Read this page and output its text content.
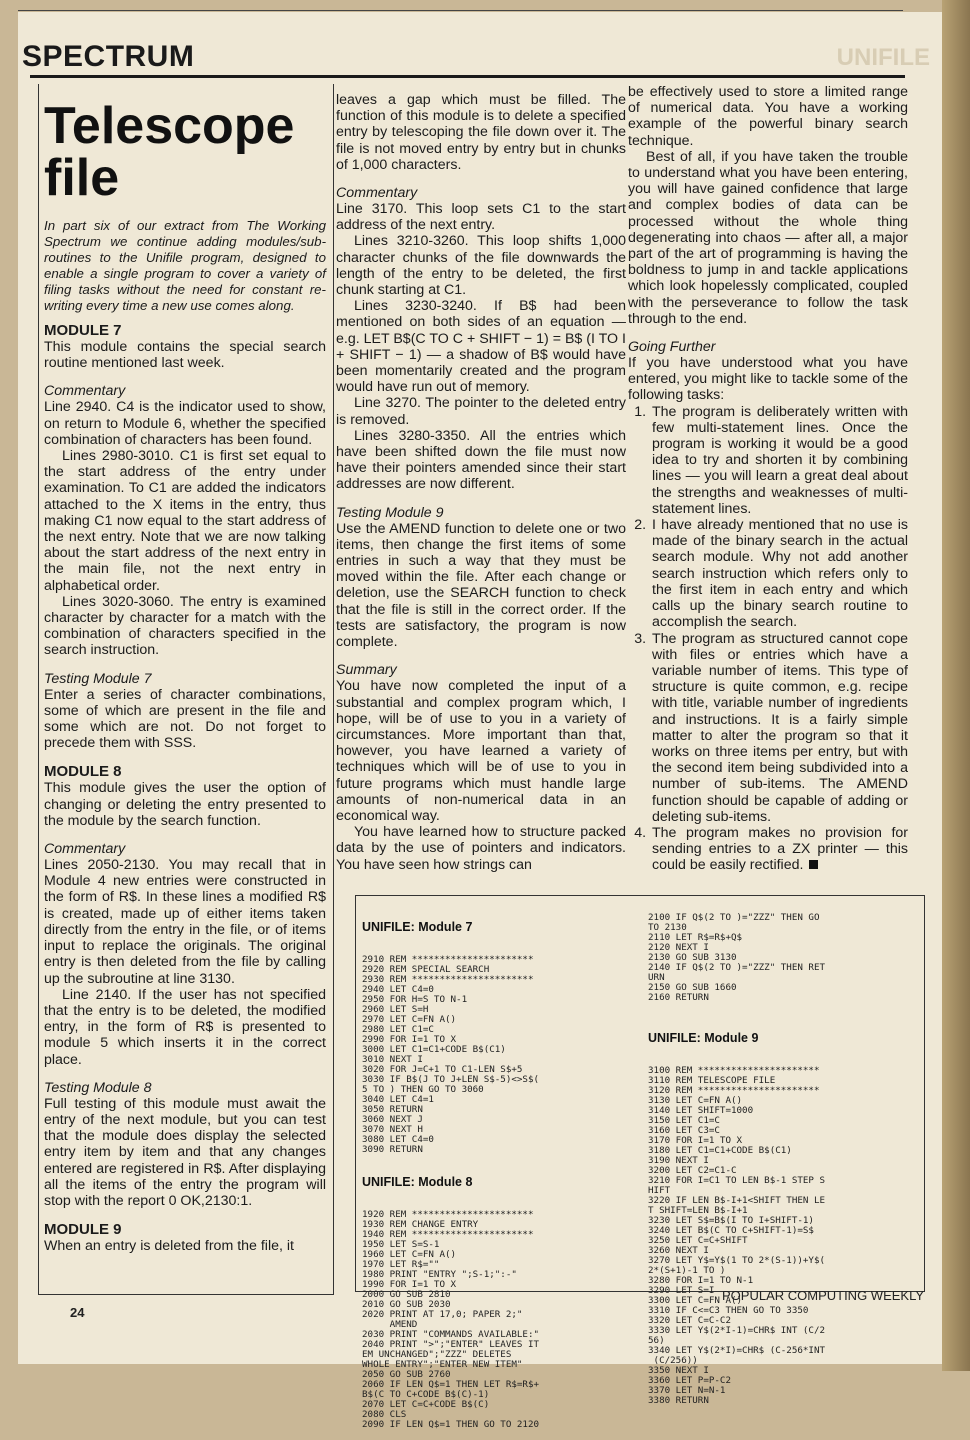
UNIFILE
SPECTRUM
Telescope file

In part six of our extract from The Working Spectrum we continue adding modules/sub-routines to the Unifile program, designed to enable a single program to cover a variety of filing tasks without the need for constant re-writing every time a new use comes along.

MODULE 7

This module contains the special search routine mentioned last week.

Commentary

Line 2940. C4 is the indicator used to show, on return to Module 6, whether the specified combination of characters has been found.

Lines 2980-3010. C1 is first set equal to the start address of the entry under examination. To C1 are added the indicators attached to the X items in the entry, thus making C1 now equal to the start address of the next entry. Note that we are now talking about the start address of the next entry in the main file, not the next entry in alphabetical order.

Lines 3020-3060. The entry is examined character by character for a match with the combination of characters specified in the search instruction.

Testing Module 7

Enter a series of character combinations, some of which are present in the file and some which are not. Do not forget to precede them with SSS.

MODULE 8

This module gives the user the option of changing or deleting the entry presented to the module by the search function.

Commentary

Lines 2050-2130. You may recall that in Module 4 new entries were constructed in the form of R$. In these lines a modified R$ is created, made up of either items taken directly from the entry in the file, or of items input to replace the originals. The original entry is then deleted from the file by calling up the subroutine at line 3130.

Line 2140. If the user has not specified that the entry is to be deleted, the modified entry, in the form of R$ is presented to module 5 which inserts it in the correct place.

Testing Module 8

Full testing of this module must await the entry of the next module, but you can test that the module does display the selected entry item by item and that any changes entered are registered in R$. After displaying all the items of the entry the program will stop with the report 0 OK,2130:1.

MODULE 9

When an entry is deleted from the file, it

leaves a gap which must be filled. The function of this module is to delete a specified entry by telescoping the file down over it. The file is not moved entry by entry but in chunks of 1,000 characters.

Commentary

Line 3170. This loop sets C1 to the start address of the next entry.

Lines 3210-3260. This loop shifts 1,000 character chunks of the file downwards the length of the entry to be deleted, the first chunk starting at C1.

Lines 3230-3240. If B$ had been mentioned on both sides of an equation — e.g. LET B$(C TO C + SHIFT − 1) = B$ (I TO I + SHIFT − 1) — a shadow of B$ would have been momentarily created and the program would have run out of memory.

Line 3270. The pointer to the deleted entry is removed.

Lines 3280-3350. All the entries which have been shifted down the file must now have their pointers amended since their start addresses are now different.

Testing Module 9

Use the AMEND function to delete one or two items, then change the first items of some entries in such a way that they must be moved within the file. After each change or deletion, use the SEARCH function to check that the file is still in the correct order. If the tests are satisfactory, the program is now complete.

Summary

You have now completed the input of a substantial and complex program which, I hope, will be of use to you in a variety of circumstances. More important than that, however, you have learned a variety of techniques which will be of use to you in future programs which must handle large amounts of non-numerical data in an economical way.

You have learned how to structure packed data by the use of pointers and indicators. You have seen how strings can

be effectively used to store a limited range of numerical data. You have a working example of the powerful binary search technique.

Best of all, if you have taken the trouble to understand what you have been entering, you will have gained confidence that large and complex bodies of data can be processed without the whole thing degenerating into chaos — after all, a major part of the art of programming is having the boldness to jump in and tackle applications which look hopelessly complicated, coupled with the perseverance to follow the task through to the end.

Going Further

If you have understood what you have entered, you might like to tackle some of the following tasks:

1. The program is deliberately written with few multi-statement lines. Once the program is working it would be a good idea to try and shorten it by combining lines — you will learn a great deal about the strengths and weaknesses of multi-statement lines.
2. I have already mentioned that no use is made of the binary search in the actual search module. Why not add another search instruction which refers only to the first item in each entry and which calls up the binary search routine to accomplish the search.
3. The program as structured cannot cope with files or entries which have a variable number of items. This type of structure is quite common, e.g. recipe with title, variable number of ingredients and instructions. It is a fairly simple matter to alter the program so that it works on three items per entry, but with the second item being subdivided into a number of sub-items. The AMEND function should be capable of adding or deleting sub-items.
4. The program makes no provision for sending entries to a ZX printer — this could be easily rectified.

UNIFILE: Module 7

2910 REM **********************
2920 REM SPECIAL SEARCH
2930 REM **********************
2940 LET C4=0
2950 FOR H=S TO N-1
2960 LET S=H
2970 LET C=FN A()
2980 LET C1=C
2990 FOR I=1 TO X
3000 LET C1=C1+CODE B$(C1)
3010 NEXT I
3020 FOR J=C+1 TO C1-LEN S$+5
3030 IF B$(J TO J+LEN S$-5)<>S$(
5 TO ) THEN GO TO 3060
3040 LET C4=1
3050 RETURN
3060 NEXT J
3070 NEXT H
3080 LET C4=0
3090 RETURN

UNIFILE: Module 8

1920 REM **********************
1930 REM CHANGE ENTRY
1940 REM **********************
1950 LET S=S-1
1960 LET C=FN A()
1970 LET R$=""
1980 PRINT "ENTRY ";S-1;":-"
1990 FOR I=1 TO X
2000 GO SUB 2810
2010 GO SUB 2030
2020 PRINT AT 17,0; PAPER 2;"
AMEND
2030 PRINT "COMMANDS AVAILABLE:"
2040 PRINT ">";"ENTER" LEAVES IT
EM UNCHANGED";"ZZZ" DELETES
WHOLE ENTRY";"ENTER NEW ITEM"
2050 GO SUB 2760
2060 IF LEN Q$=1 THEN LET R$=R$+
B$(C TO C+CODE B$(C)-1)
2070 LET C=C+CODE B$(C)
2080 CLS
2090 IF LEN Q$=1 THEN GO TO 2120

2100 IF Q$(2 TO )="ZZZ" THEN GO
TO 2130
2110 LET R$=R$+Q$
2120 NEXT I
2130 GO SUB 3130
2140 IF Q$(2 TO )="ZZZ" THEN RET
URN
2150 GO SUB 1660
2160 RETURN

UNIFILE: Module 9

3100 REM **********************
3110 REM TELESCOPE FILE
3120 REM **********************
3130 LET C=FN A()
3140 LET SHIFT=1000
3150 LET C1=C
3160 LET C3=C
3170 FOR I=1 TO X
3180 LET C1=C1+CODE B$(C1)
3190 NEXT I
3200 LET C2=C1-C
3210 FOR I=C1 TO LEN B$-1 STEP S
HIFT
3220 IF LEN B$-I+1<SHIFT THEN LE
T SHIFT=LEN B$-I+1
3230 LET S$=B$(I TO I+SHIFT-1)
3240 LET B$(C TO C+SHIFT-1)=S$
3250 LET C=C+SHIFT
3260 NEXT I
3270 LET Y$=Y$(1 TO 2*(S-1))+Y$(
2*(S+1)-1 TO )
3280 FOR I=1 TO N-1
3290 LET S=I
3300 LET C=FN A()
3310 IF C<=C3 THEN GO TO 3350
3320 LET C=C-C2
3330 LET Y$(2*I-1)=CHR$ INT (C/2
56)
3340 LET Y$(2*I)=CHR$ (C-256*INT
(C/256))
3350 NEXT I
3360 LET P=P-C2
3370 LET N=N-1
3380 RETURN

24
POPULAR COMPUTING WEEKLY
